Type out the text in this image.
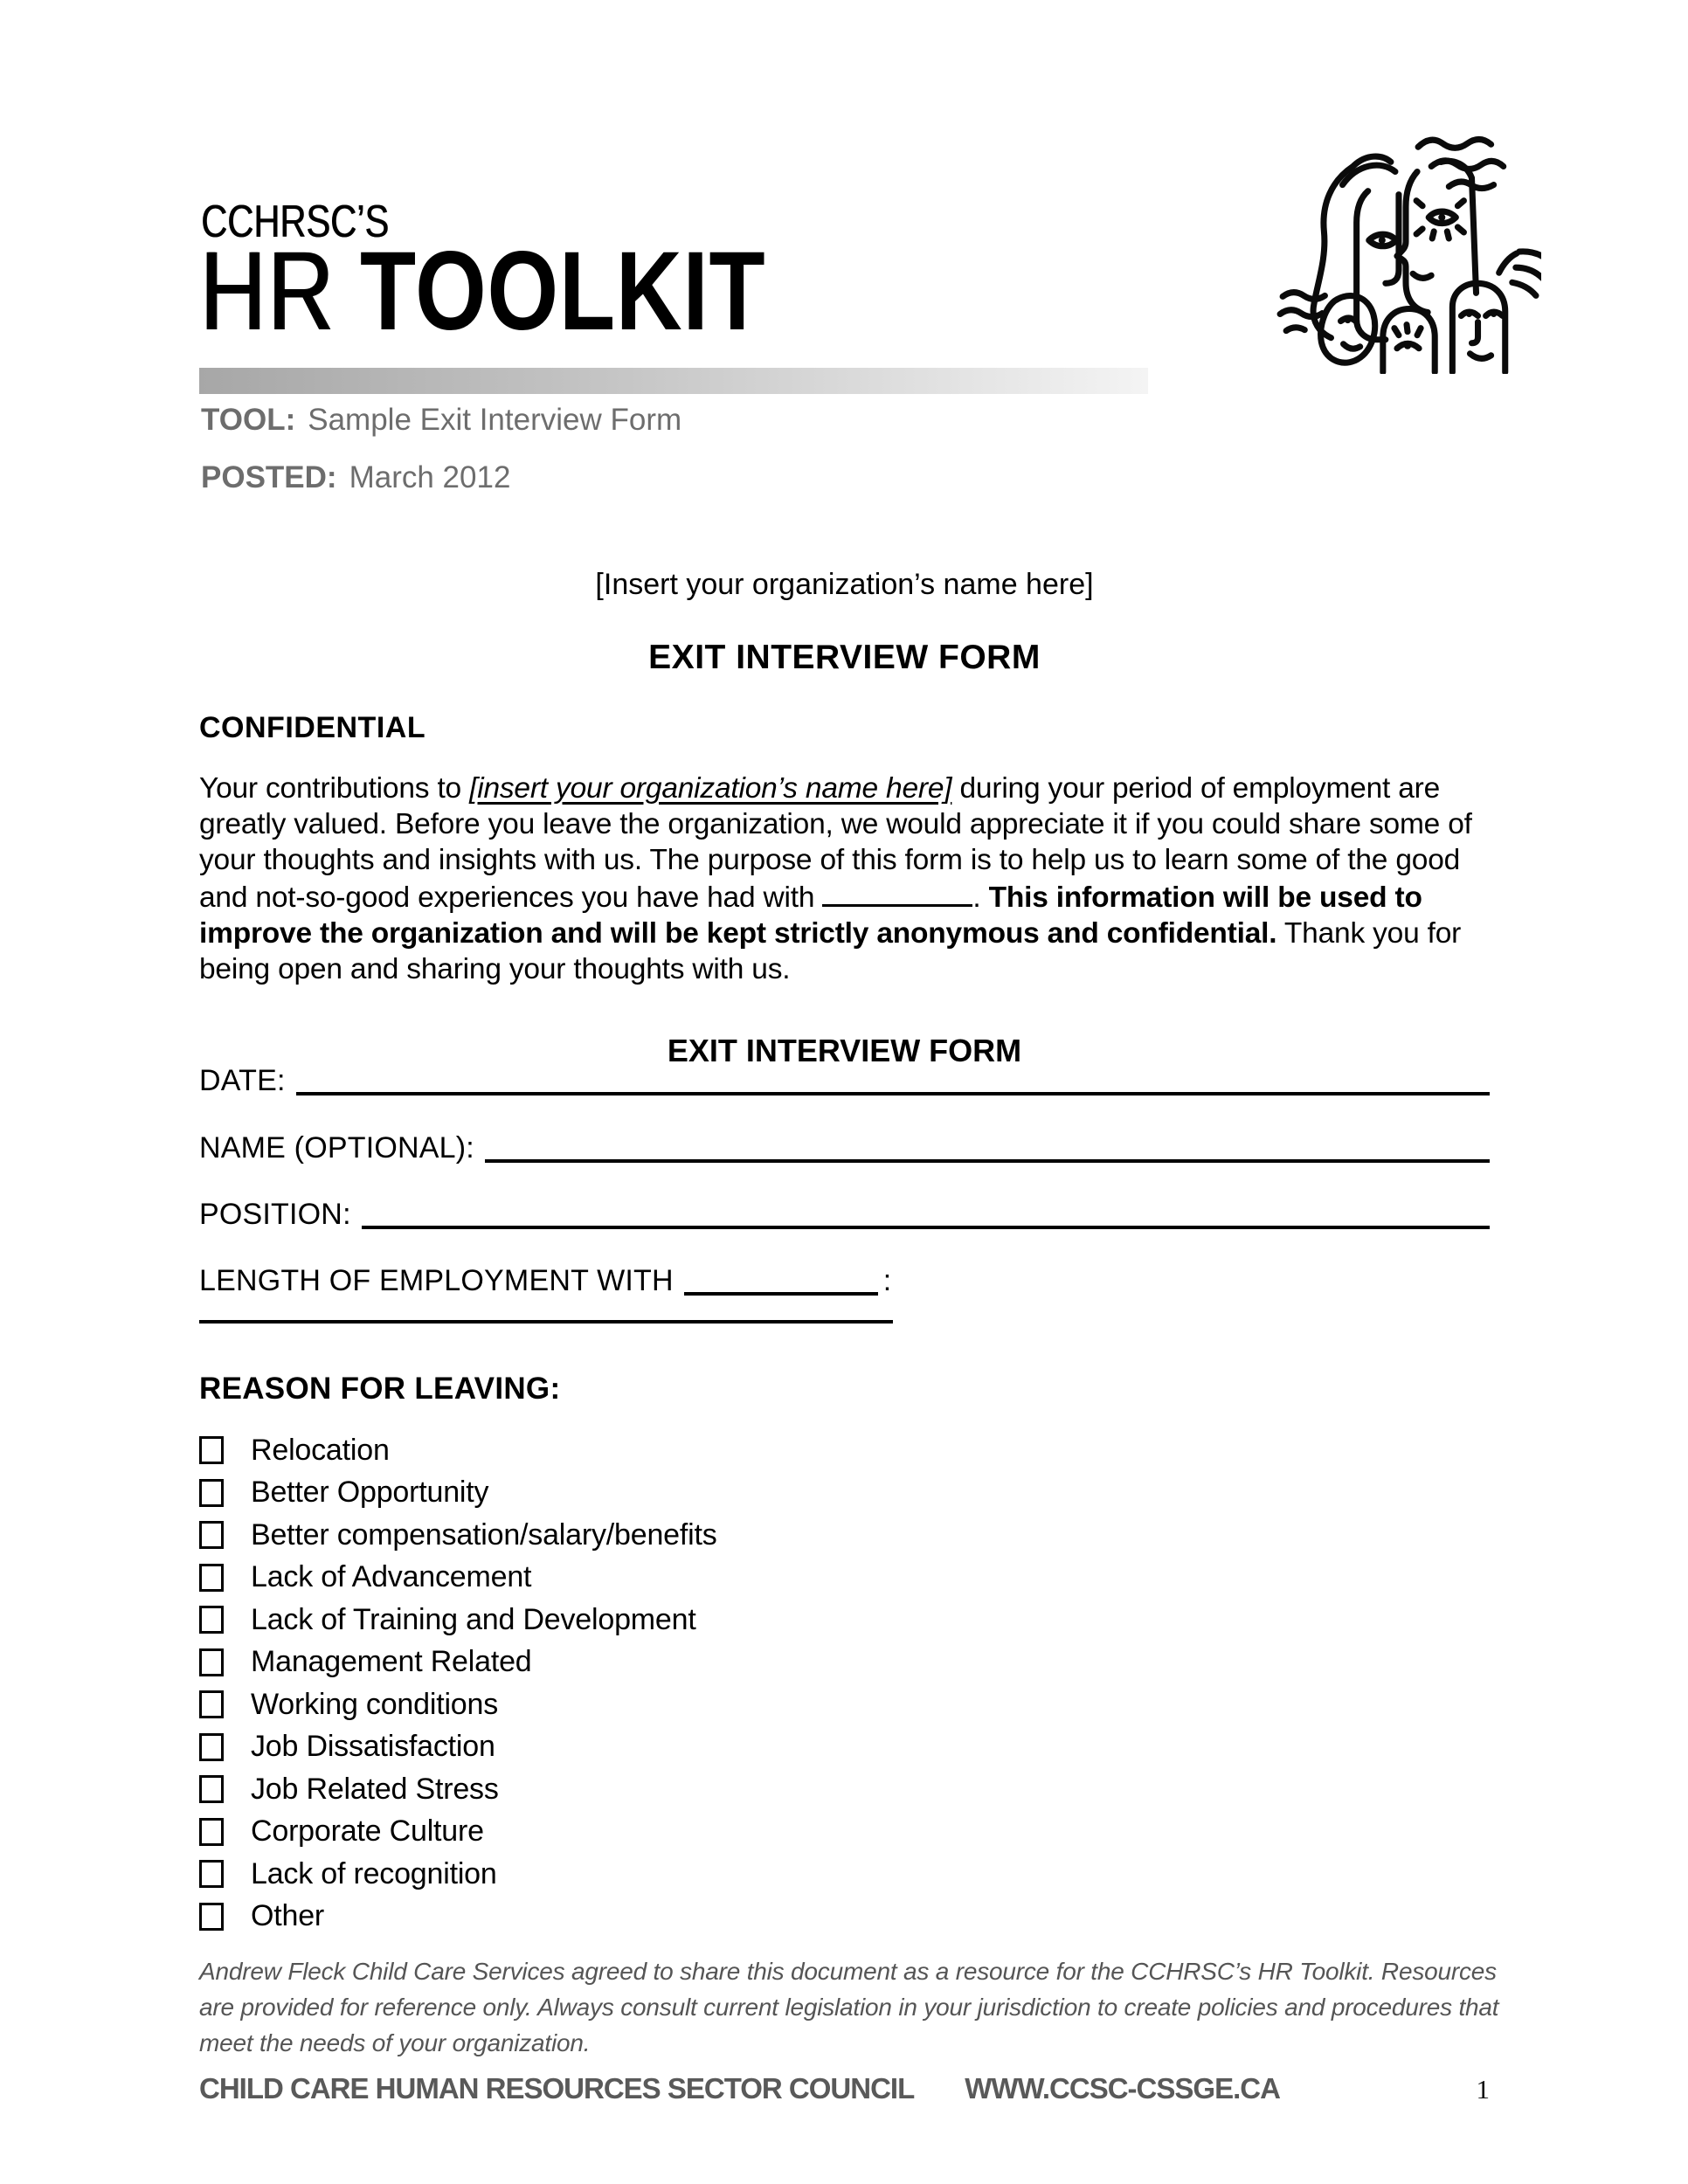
CCHRSC’S
HR TOOLKIT
TOOL: Sample Exit Interview Form
POSTED: March 2012
[Insert your organization’s name here]
EXIT INTERVIEW FORM
CONFIDENTIAL
Your contributions to [insert your organization’s name here] during your period of employment are greatly valued. Before you leave the organization, we would appreciate it if you could share some of your thoughts and insights with us. The purpose of this form is to help us to learn some of the good and not-so-good experiences you have had with	. This information will be used to improve the organization and will be kept strictly anonymous and confidential. Thank you for being open and sharing your thoughts with us.
EXIT INTERVIEW FORM
DATE:
NAME (OPTIONAL):
POSITION:
LENGTH OF EMPLOYMENT WITH	:
REASON FOR LEAVING:
Relocation
Better Opportunity
Better compensation/salary/benefits
Lack of Advancement
Lack of Training and Development
Management Related
Working conditions
Job Dissatisfaction
Job Related Stress
Corporate Culture
Lack of recognition
Other
Andrew Fleck Child Care Services agreed to share this document as a resource for the CCHRSC’s HR Toolkit. Resources are provided for reference only. Always consult current legislation in your jurisdiction to create policies and procedures that meet the needs of your organization.
CHILD CARE HUMAN RESOURCES SECTOR COUNCIL WWW.CCSC-CSSGE.CA	1
